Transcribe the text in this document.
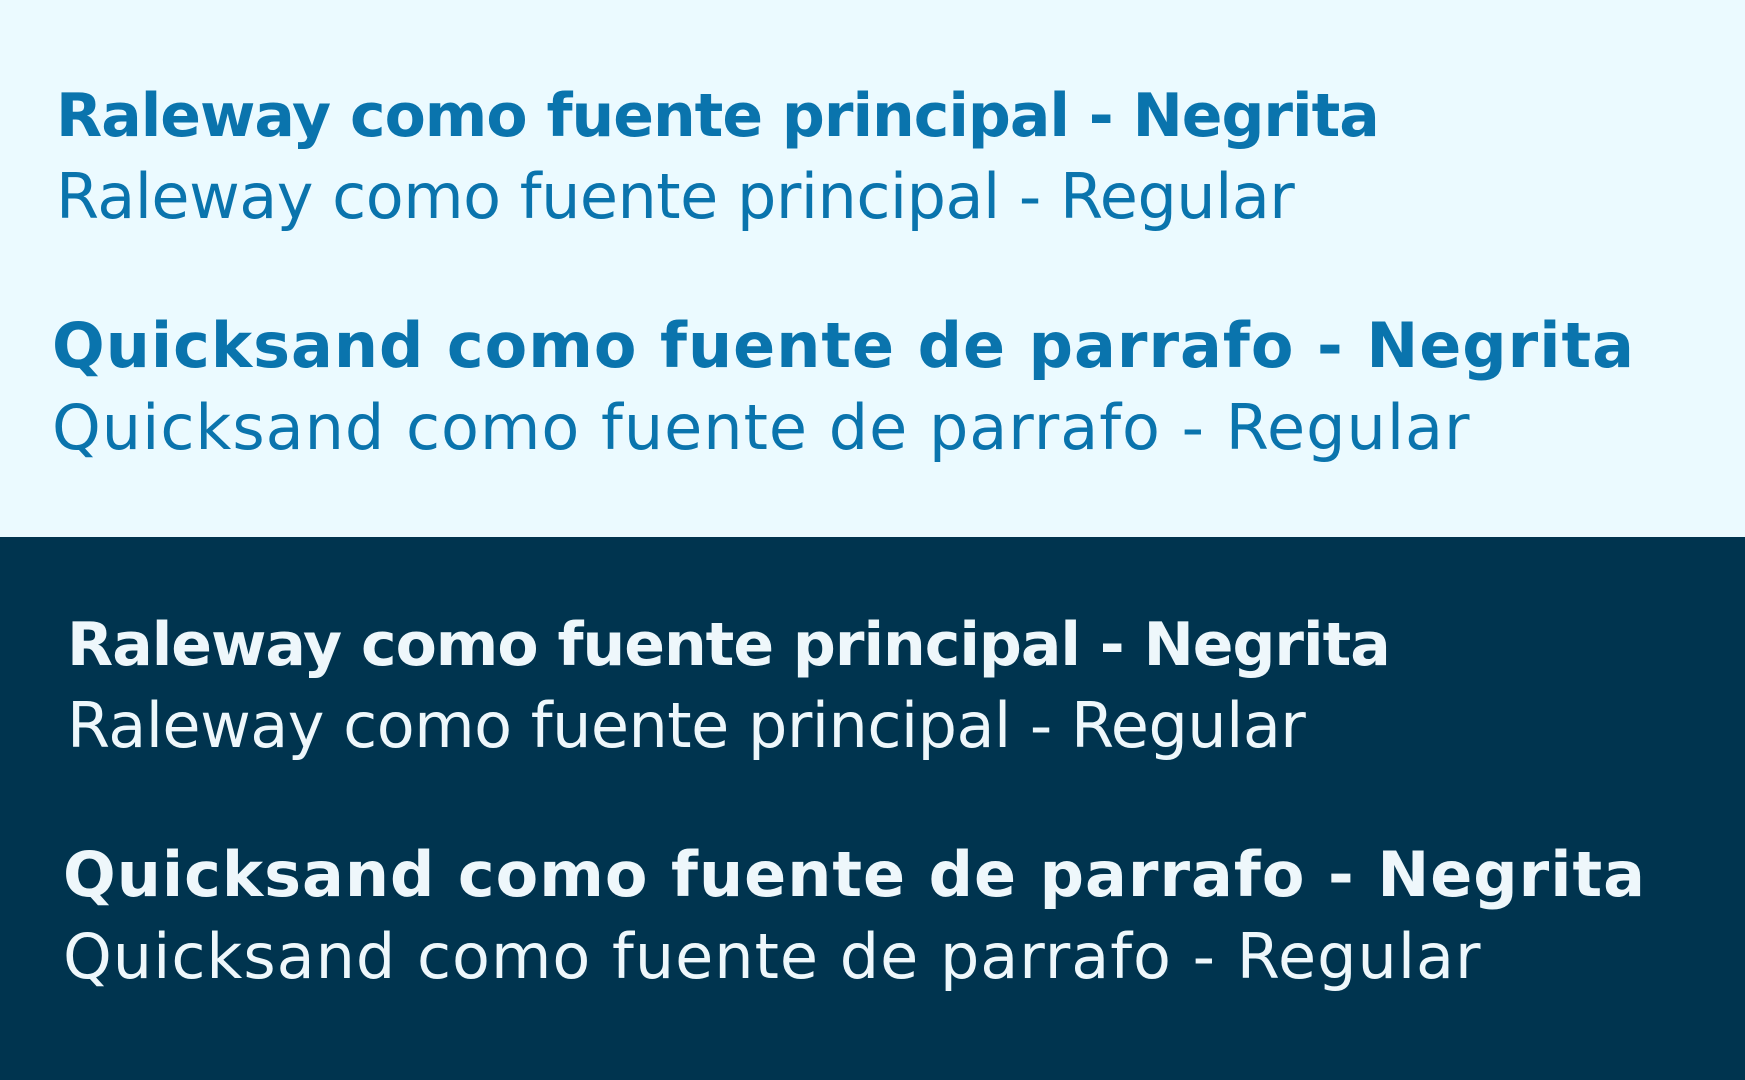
Raleway como fuente principal - Negrita

Raleway como fuente principal - Regular

Quicksand como fuente de parrafo - Negrita

Quicksand como fuente de parrafo - Regular

Raleway como fuente principal - Negrita

Raleway como fuente principal - Regular

Quicksand como fuente de parrafo - Negrita

Quicksand como fuente de parrafo - Regular
